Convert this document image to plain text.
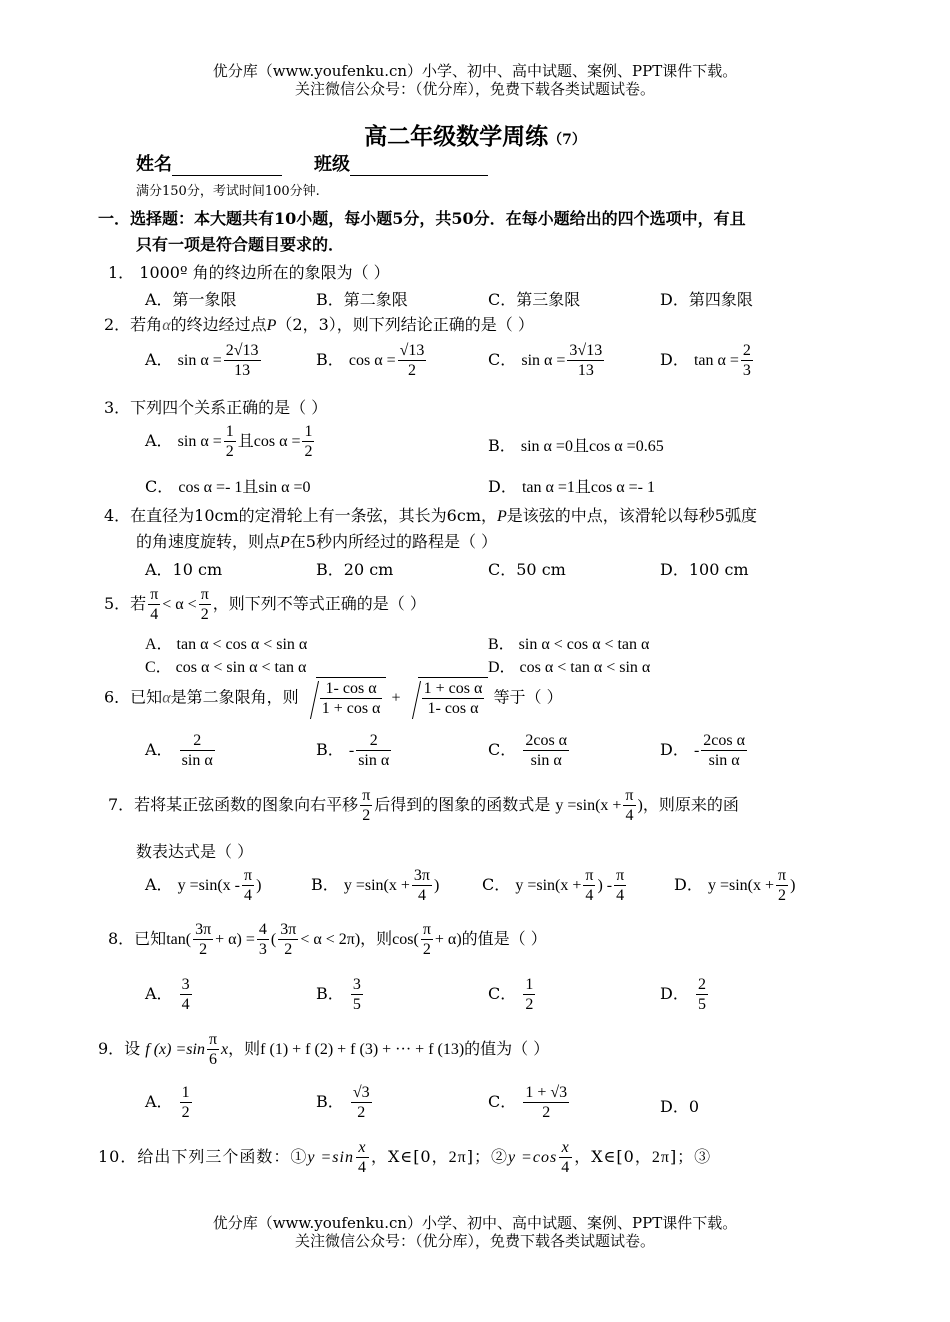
优分库（www.youfenku.cn）小学、初中、高中试题、案例、PPT课件下载。
关注微信公众号：（优分库），免费下载各类试题试卷。
高二年级数学周练（7）
姓名	班级
满分150分，考试时间100分钟.
一．选择题：本大题共有10小题，每小题5分，共50分．在每小题给出的四个选项中，有且
只有一项是符合题目要求的．
1． 1000º 角的终边所在的象限为（ ）
A．第一象限	B．第二象限	C．第三象限	D．第四象限
2．若角α的终边经过点P（2，3），则下列结论正确的是（ ）
A． $\sin \alpha = \frac{2√13}{13}$	B． $\cos \alpha = \frac{√13}{2}$	C． $\sin \alpha = \frac{3√13}{13}$	D． $\tan \alpha = \frac{2}{3}$
3．下列四个关系正确的是（ ）
A． $\sin \alpha = \frac{1}{2}$ 且$\cos \alpha = \frac{1}{2}$	B． sin α =0且cos α =0.65
C． cos α =- 1且sin α =0	D． tan α =1且cos α =- 1
4．在直径为10cm的定滑轮上有一条弦，其长为6cm，P是该弦的中点，该滑轮以每秒5弧度
的角速度旋转，则点P在5秒内所经过的路程是（ ）
A．10 cm	B．20 cm	C．50 cm	D．100 cm
5．若 $\frac{\pi}{4} < \alpha < \frac{\pi}{2}$ ，则下列不等式正确的是（ ）
A． tan α < cos α < sin α	B． sin α < cos α < tan α
C． cos α < sin α < tan α	D． cos α < tan α < sin α
6．已知α是第二象限角，则 $\frac{\text{1- cos α}}{\text{1 + cos α}} + \frac{\text{1 + cos α}}{\text{1- cos α}}$ 等于（ ）
A． $\frac{2}{\text{sin α}}$	B． - $\frac{2}{\text{sin α}}$	C． $\frac{\text{2cos α}}{\text{sin α}}$	D． - $\frac{\text{2cos α}}{\text{sin α}}$
7．若将某正弦函数的图象向右平移 $\frac{\pi}{2}$ 后得到的图象的函数式是 $y =\sin(x + \frac{\pi}{4}$ )，则原来的函
数表达式是（ ）
A． $y =\sin(x - \frac{\pi}{4}$ )	B． $y =\sin(x + \frac{3\pi}{4}$ )	C． $y =\sin(x + \frac{\pi}{4}$ ) - $\frac{\pi}{4}$	D． $y =\sin(x + \frac{\pi}{2}$ )
8．已知$\tan( \frac{3\pi}{2} + \alpha) = \frac{4}{3}$ ( $\frac{3\pi}{2} < \alpha < 2\pi$)，则$\cos( \frac{\pi}{2} + \alpha)$的值是（ ）
A． $\frac{3}{4}$	B． $\frac{3}{5}$	C． $\frac{1}{2}$	D． $\frac{2}{5}$
9．设 f $(x) =\sin \frac{\pi}{6}$ x，则f (1) + f (2) + f (3) + ··· + f (13)的值为（ ）
A． $\frac{1}{2}$	B． $\frac{√3}{2}$	C． $\frac{1 + √3}{2}$	D．0
10．给出下列三个函数：①y $=\sin \frac{x}{4}$ ，X∈[0，2π]；②y $=\cos \frac{x}{4}$ ，X∈[0，2π]；③
优分库（www.youfenku.cn）小学、初中、高中试题、案例、PPT课件下载。
关注微信公众号：（优分库），免费下载各类试题试卷。
